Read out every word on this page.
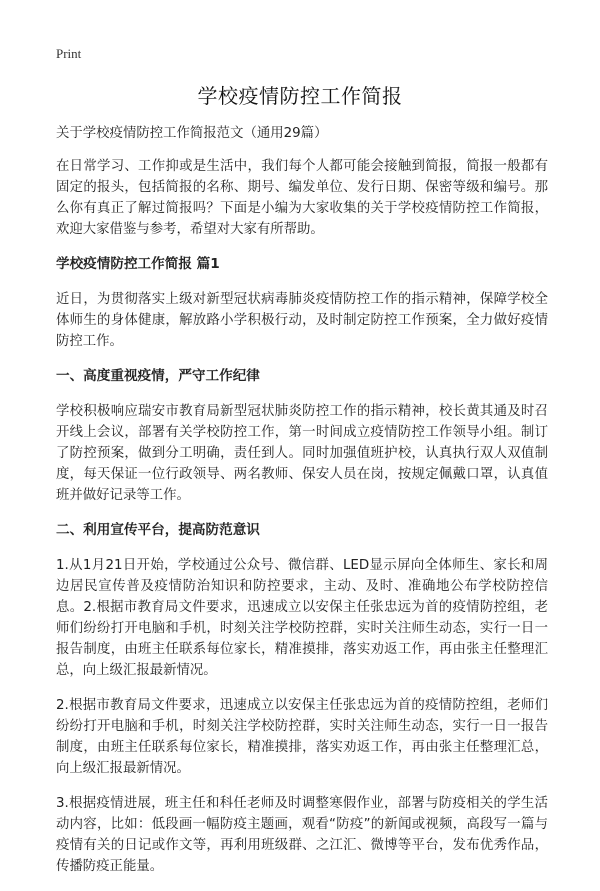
Print
学校疫情防控工作简报

关于学校疫情防控工作简报范文（通用29篇）

在日常学习、工作抑或是生活中，我们每个人都可能会接触到简报，简报一般都有固定的报头，包括简报的名称、期号、编发单位、发行日期、保密等级和编号。那么你有真正了解过简报吗？下面是小编为大家收集的关于学校疫情防控工作简报，欢迎大家借鉴与参考，希望对大家有所帮助。

学校疫情防控工作简报 篇1

近日，为贯彻落实上级对新型冠状病毒肺炎疫情防控工作的指示精神，保障学校全体师生的身体健康，解放路小学积极行动，及时制定防控工作预案，全力做好疫情防控工作。

一、高度重视疫情，严守工作纪律

学校积极响应瑞安市教育局新型冠状肺炎防控工作的指示精神，校长黄其通及时召开线上会议，部署有关学校防控工作，第一时间成立疫情防控工作领导小组。制订了防控预案，做到分工明确，责任到人。同时加强值班护校，认真执行双人双值制度，每天保证一位行政领导、两名教师、保安人员在岗，按规定佩戴口罩，认真值班并做好记录等工作。

二、利用宣传平台，提高防范意识

1.从1月21日开始，学校通过公众号、微信群、LED显示屏向全体师生、家长和周边居民宣传普及疫情防治知识和防控要求，主动、及时、准确地公布学校防控信息。2.根据市教育局文件要求，迅速成立以安保主任张忠远为首的疫情防控组，老师们纷纷打开电脑和手机，时刻关注学校防控群，实时关注师生动态，实行一日一报告制度，由班主任联系每位家长，精准摸排，落实劝返工作，再由张主任整理汇总，向上级汇报最新情况。

2.根据市教育局文件要求，迅速成立以安保主任张忠远为首的疫情防控组，老师们纷纷打开电脑和手机，时刻关注学校防控群，实时关注师生动态，实行一日一报告制度，由班主任联系每位家长，精准摸排，落实劝返工作，再由张主任整理汇总，向上级汇报最新情况。

3.根据疫情进展，班主任和科任老师及时调整寒假作业，部署与防疫相关的学生活动内容，比如：低段画一幅防疫主题画，观看“防疫”的新闻或视频，高段写一篇与疫情有关的日记或作文等，再利用班级群、之江汇、微博等平台，发布优秀作品，传播防疫正能量。
